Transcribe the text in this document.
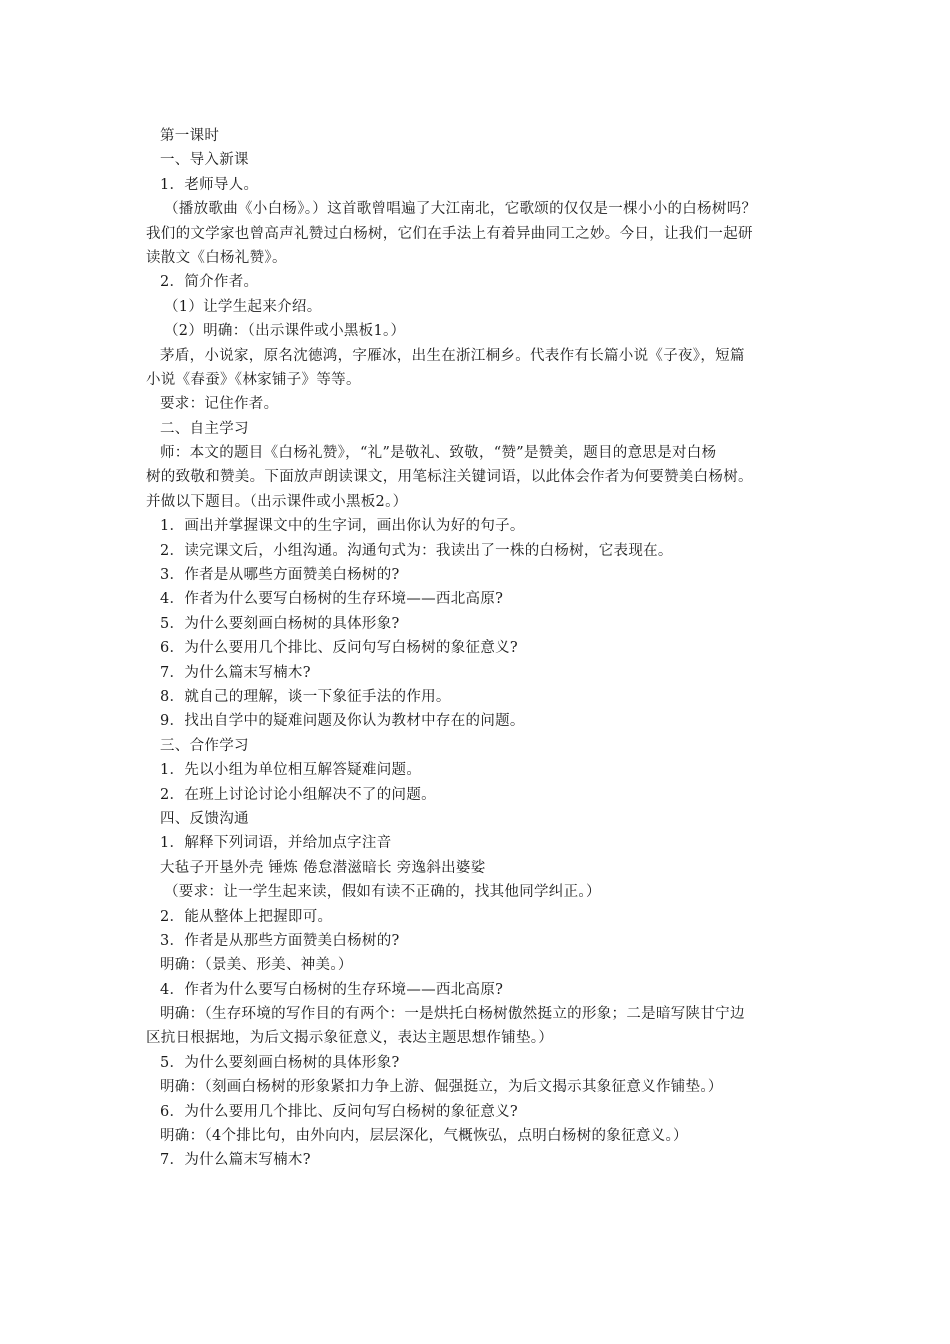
第一课时
一、导入新课
1．老师导人。
（播放歌曲《小白杨》。）这首歌曾唱遍了大江南北，它歌颂的仅仅是一棵小小的白杨树吗？
我们的文学家也曾高声礼赞过白杨树，它们在手法上有着异曲同工之妙。今日，让我们一起研
读散文《白杨礼赞》。
2．简介作者。
（1）让学生起来介绍。
（2）明确：（出示课件或小黑板1。）
茅盾，小说家，原名沈德鸿，字雁冰，出生在浙江桐乡。代表作有长篇小说《子夜》，短篇
小说《春蚕》《林家铺子》等等。
要求：记住作者。
二、自主学习
师：本文的题目《白杨礼赞》，“礼”是敬礼、致敬，“赞”是赞美，题目的意思是对白杨
树的致敬和赞美。下面放声朗读课文，用笔标注关键词语，以此体会作者为何要赞美白杨树。
并做以下题目。（出示课件或小黑板2。）
1．画出并掌握课文中的生字词，画出你认为好的句子。
2．读完课文后，小组沟通。沟通句式为：我读出了一株的白杨树，它表现在。
3．作者是从哪些方面赞美白杨树的?
4．作者为什么要写白杨树的生存环境——西北高原?
5．为什么要刻画白杨树的具体形象?
6．为什么要用几个排比、反问句写白杨树的象征意义?
7．为什么篇末写楠木?
8．就自己的理解，谈一下象征手法的作用。
9．找出自学中的疑难问题及你认为教材中存在的问题。
三、合作学习
1．先以小组为单位相互解答疑难问题。
2．在班上讨论讨论小组解决不了的问题。
四、反馈沟通
1．解释下列词语，并给加点字注音
大毡子开垦外壳 锤炼 倦怠潜滋暗长 旁逸斜出婆娑
（要求：让一学生起来读，假如有读不正确的，找其他同学纠正。）
2．能从整体上把握即可。
3．作者是从那些方面赞美白杨树的?
明确：（景美、形美、神美。）
4．作者为什么要写白杨树的生存环境——西北高原?
明确：（生存环境的写作目的有两个：一是烘托白杨树傲然挺立的形象；二是暗写陕甘宁边
区抗日根据地，为后文揭示象征意义，表达主题思想作铺垫。）
5．为什么要刻画白杨树的具体形象?
明确：（刻画白杨树的形象紧扣力争上游、倔强挺立，为后文揭示其象征意义作铺垫。）
6．为什么要用几个排比、反问句写白杨树的象征意义?
明确：（4个排比句，由外向内，层层深化，气概恢弘，点明白杨树的象征意义。）
7．为什么篇末写楠木?
